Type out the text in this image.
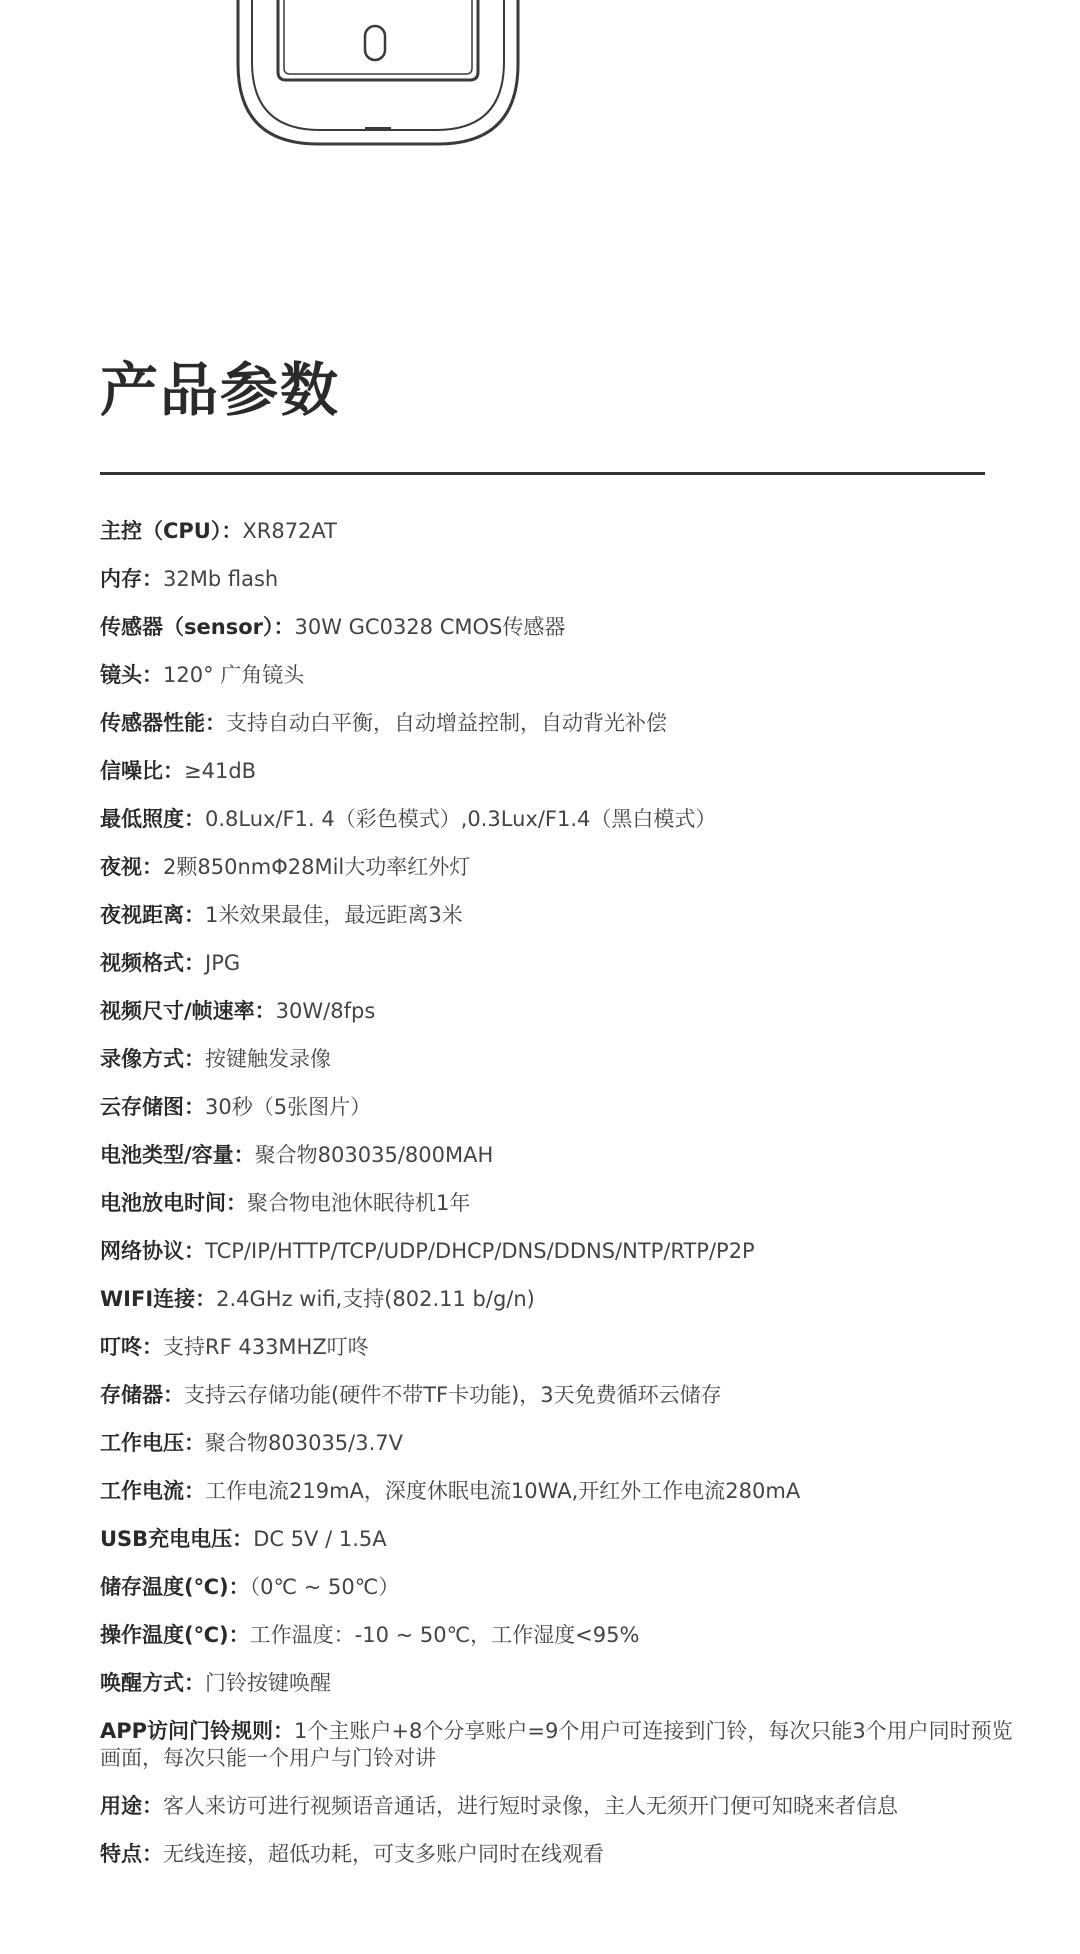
产品参数
主控（CPU）：XR872AT
内存：32Mb flash
传感器（sensor）：30W GC0328 CMOS传感器
镜头：120° 广角镜头
传感器性能：支持自动白平衡，自动增益控制，自动背光补偿
信噪比：≥41dB
最低照度：0.8Lux/F1. 4（彩色模式）,0.3Lux/F1.4（黑白模式）
夜视：2颗850nmΦ28Mil大功率红外灯
夜视距离：1米效果最佳，最远距离3米
视频格式：JPG
视频尺寸/帧速率：30W/8fps
录像方式：按键触发录像
云存储图：30秒（5张图片）
电池类型/容量：聚合物803035/800MAH
电池放电时间：聚合物电池休眠待机1年
网络协议：TCP/IP/HTTP/TCP/UDP/DHCP/DNS/DDNS/NTP/RTP/P2P
WIFI连接：2.4GHz wifi,支持(802.11 b/g/n)
叮咚：支持RF 433MHZ叮咚
存储器：支持云存储功能(硬件不带TF卡功能)，3天免费循环云储存
工作电压：聚合物803035/3.7V
工作电流：工作电流219mA，深度休眠电流10WA,开红外工作电流280mA
USB充电电压：DC 5V / 1.5A
储存温度(℃)：（0℃ ~ 50℃）
操作温度(℃)：工作温度：-10 ~ 50℃，工作湿度<95%
唤醒方式：门铃按键唤醒
APP访问门铃规则：1个主账户+8个分享账户=9个用户可连接到门铃，每次只能3个用户同时预览画面，每次只能一个用户与门铃对讲
用途：客人来访可进行视频语音通话，进行短时录像，主人无须开门便可知晓来者信息
特点：无线连接，超低功耗，可支多账户同时在线观看
